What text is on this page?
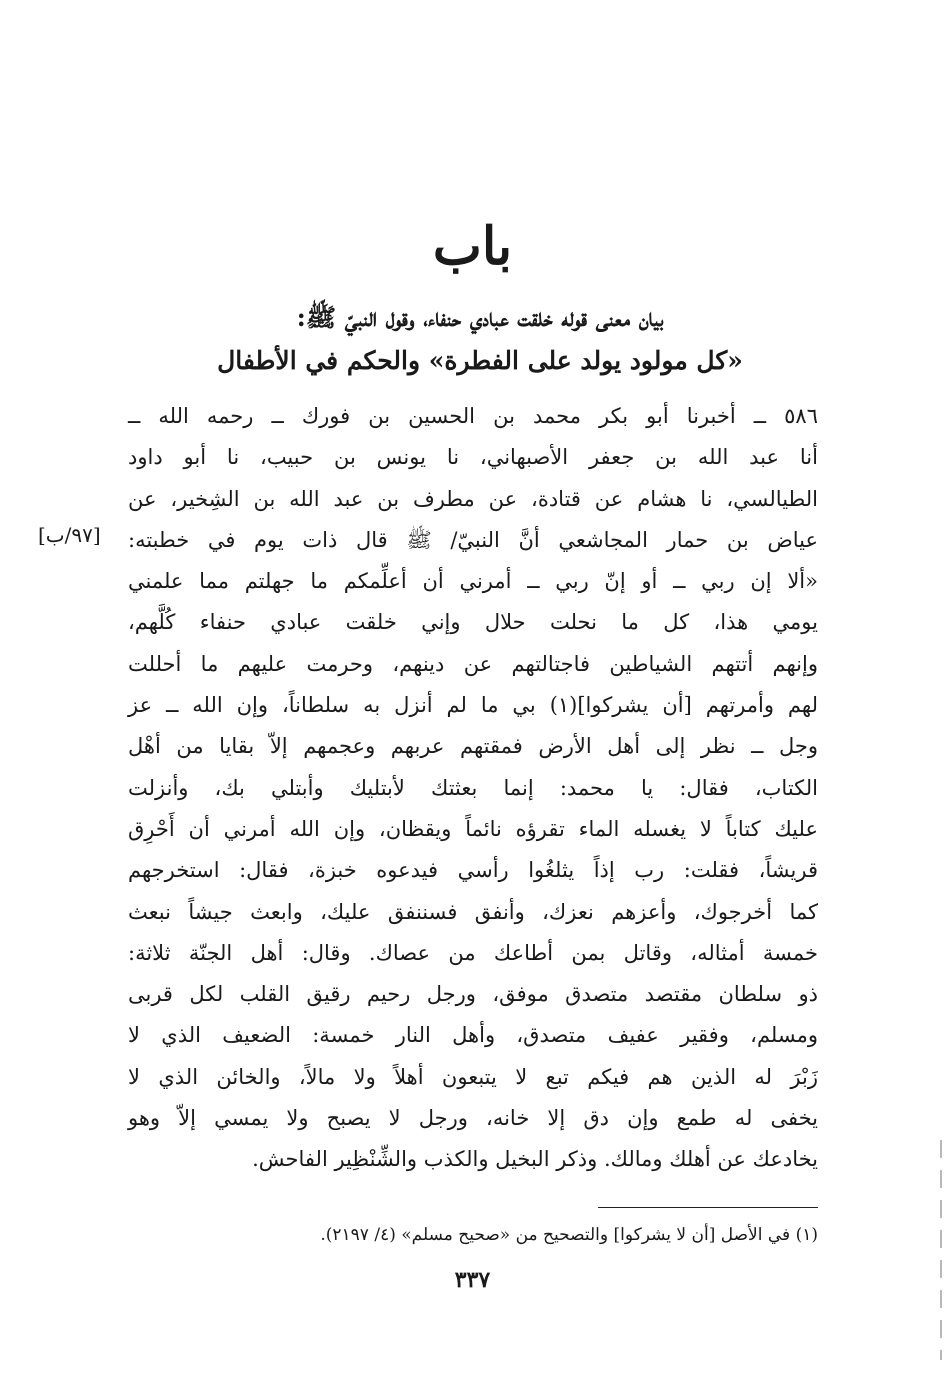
باب
بيان معنى قوله خلقت عبادي حنفاء، وقول النبيّ ﷺ:
«كل مولود يولد على الفطرة» والحكم في الأطفال
٥٨٦ ــ أخبرنا أبو بكر محمد بن الحسين بن فورك ــ رحمه الله ــ
أنا عبد الله بن جعفر الأصبهاني، نا يونس بن حبيب، نا أبو داود
الطيالسي، نا هشام عن قتادة، عن مطرف بن عبد الله بن الشِخير، عن
عياض بن حمار المجاشعي أنَّ النبيّ/ ﷺ قال ذات يوم في خطبته:
«ألا إن ربي ــ أو إنّ ربي ــ أمرني أن أعلِّمكم ما جهلتم مما علمني
يومي هذا، كل ما نحلت حلال وإني خلقت عبادي حنفاء كُلَّهم،
وإنهم أتتهم الشياطين فاجتالتهم عن دينهم، وحرمت عليهم ما أحللت
لهم وأمرتهم [أن يشركوا](١) بي ما لم أنزل به سلطاناً، وإن الله ــ عز
وجل ــ نظر إلى أهل الأرض فمقتهم عربهم وعجمهم إلاّ بقايا من أهْل
الكتاب، فقال: يا محمد: إنما بعثتك لأبتليك وأبتلي بك، وأنزلت
عليك كتاباً لا يغسله الماء تقرؤه نائماً ويقظان، وإن الله أمرني أن أَحْرِق
قريشاً، فقلت: رب إذاً يثلغُوا رأسي فيدعوه خبزة، فقال: استخرجهم
كما أخرجوك، وأعزهم نعزك، وأنفق فسننفق عليك، وابعث جيشاً نبعث
خمسة أمثاله، وقاتل بمن أطاعك من عصاك. وقال: أهل الجنّة ثلاثة:
ذو سلطان مقتصد متصدق موفق، ورجل رحيم رقيق القلب لكل قربى
ومسلم، وفقير عفيف متصدق، وأهل النار خمسة: الضعيف الذي لا
زَبْرَ له الذين هم فيكم تبع لا يتبعون أهلاً ولا مالاً، والخائن الذي لا
يخفى له طمع وإن دق إلا خانه، ورجل لا يصبح ولا يمسي إلاّ وهو
يخادعك عن أهلك ومالك. وذكر البخيل والكذب والشِّنْظِير الفاحش.
[٩٧/ب]
(١) في الأصل [أن لا يشركوا] والتصحيح من «صحيح مسلم» (٤/ ٢١٩٧).
٣٣٧
